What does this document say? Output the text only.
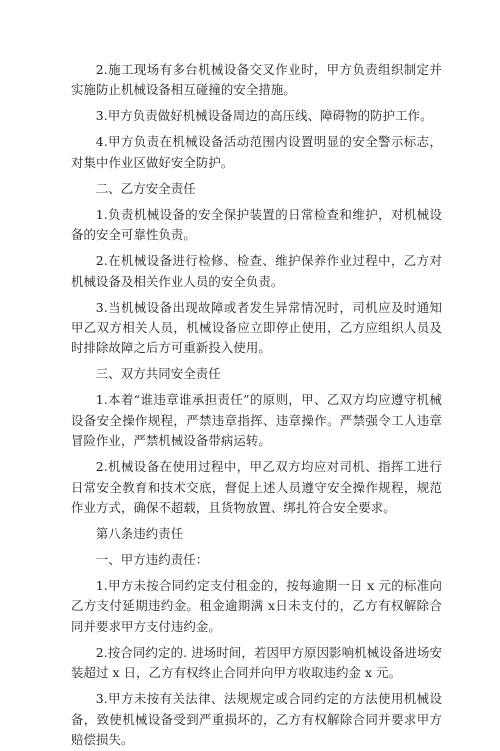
2.施工现场有多台机械设备交叉作业时，甲方负责组织制定并实施防止机械设备相互碰撞的安全措施。

3.甲方负责做好机械设备周边的高压线、障碍物的防护工作。

4.甲方负责在机械设备活动范围内设置明显的安全警示标志，对集中作业区做好安全防护。

二、乙方安全责任

1.负责机械设备的安全保护装置的日常检查和维护，对机械设备的安全可靠性负责。

2.在机械设备进行检修、检查、维护保养作业过程中，乙方对机械设备及相关作业人员的安全负责。

3.当机械设备出现故障或者发生异常情况时，司机应及时通知甲乙双方相关人员，机械设备应立即停止使用，乙方应组织人员及时排除故障之后方可重新投入使用。

三、双方共同安全责任

1.本着“谁违章谁承担责任”的原则，甲、乙双方均应遵守机械设备安全操作规程，严禁违章指挥、违章操作。严禁强令工人违章冒险作业，严禁机械设备带病运转。

2.机械设备在使用过程中，甲乙双方均应对司机、指挥工进行日常安全教育和技术交底，督促上述人员遵守安全操作规程，规范作业方式，确保不超载，且货物放置、绑扎符合安全要求。

第八条违约责任

一、甲方违约责任：

1.甲方未按合同约定支付租金的，按每逾期一日 x 元的标准向乙方支付延期违约金。租金逾期满 x日未支付的，乙方有权解除合同并要求甲方支付违约金。

2.按合同约定的. 进场时间，若因甲方原因影响机械设备进场安装超过 x 日，乙方有权终止合同并向甲方收取违约金 x 元。

3.甲方未按有关法律、法规规定或合同约定的方法使用机械设备，致使机械设备受到严重损坏的，乙方有权解除合同并要求甲方赔偿损失。
